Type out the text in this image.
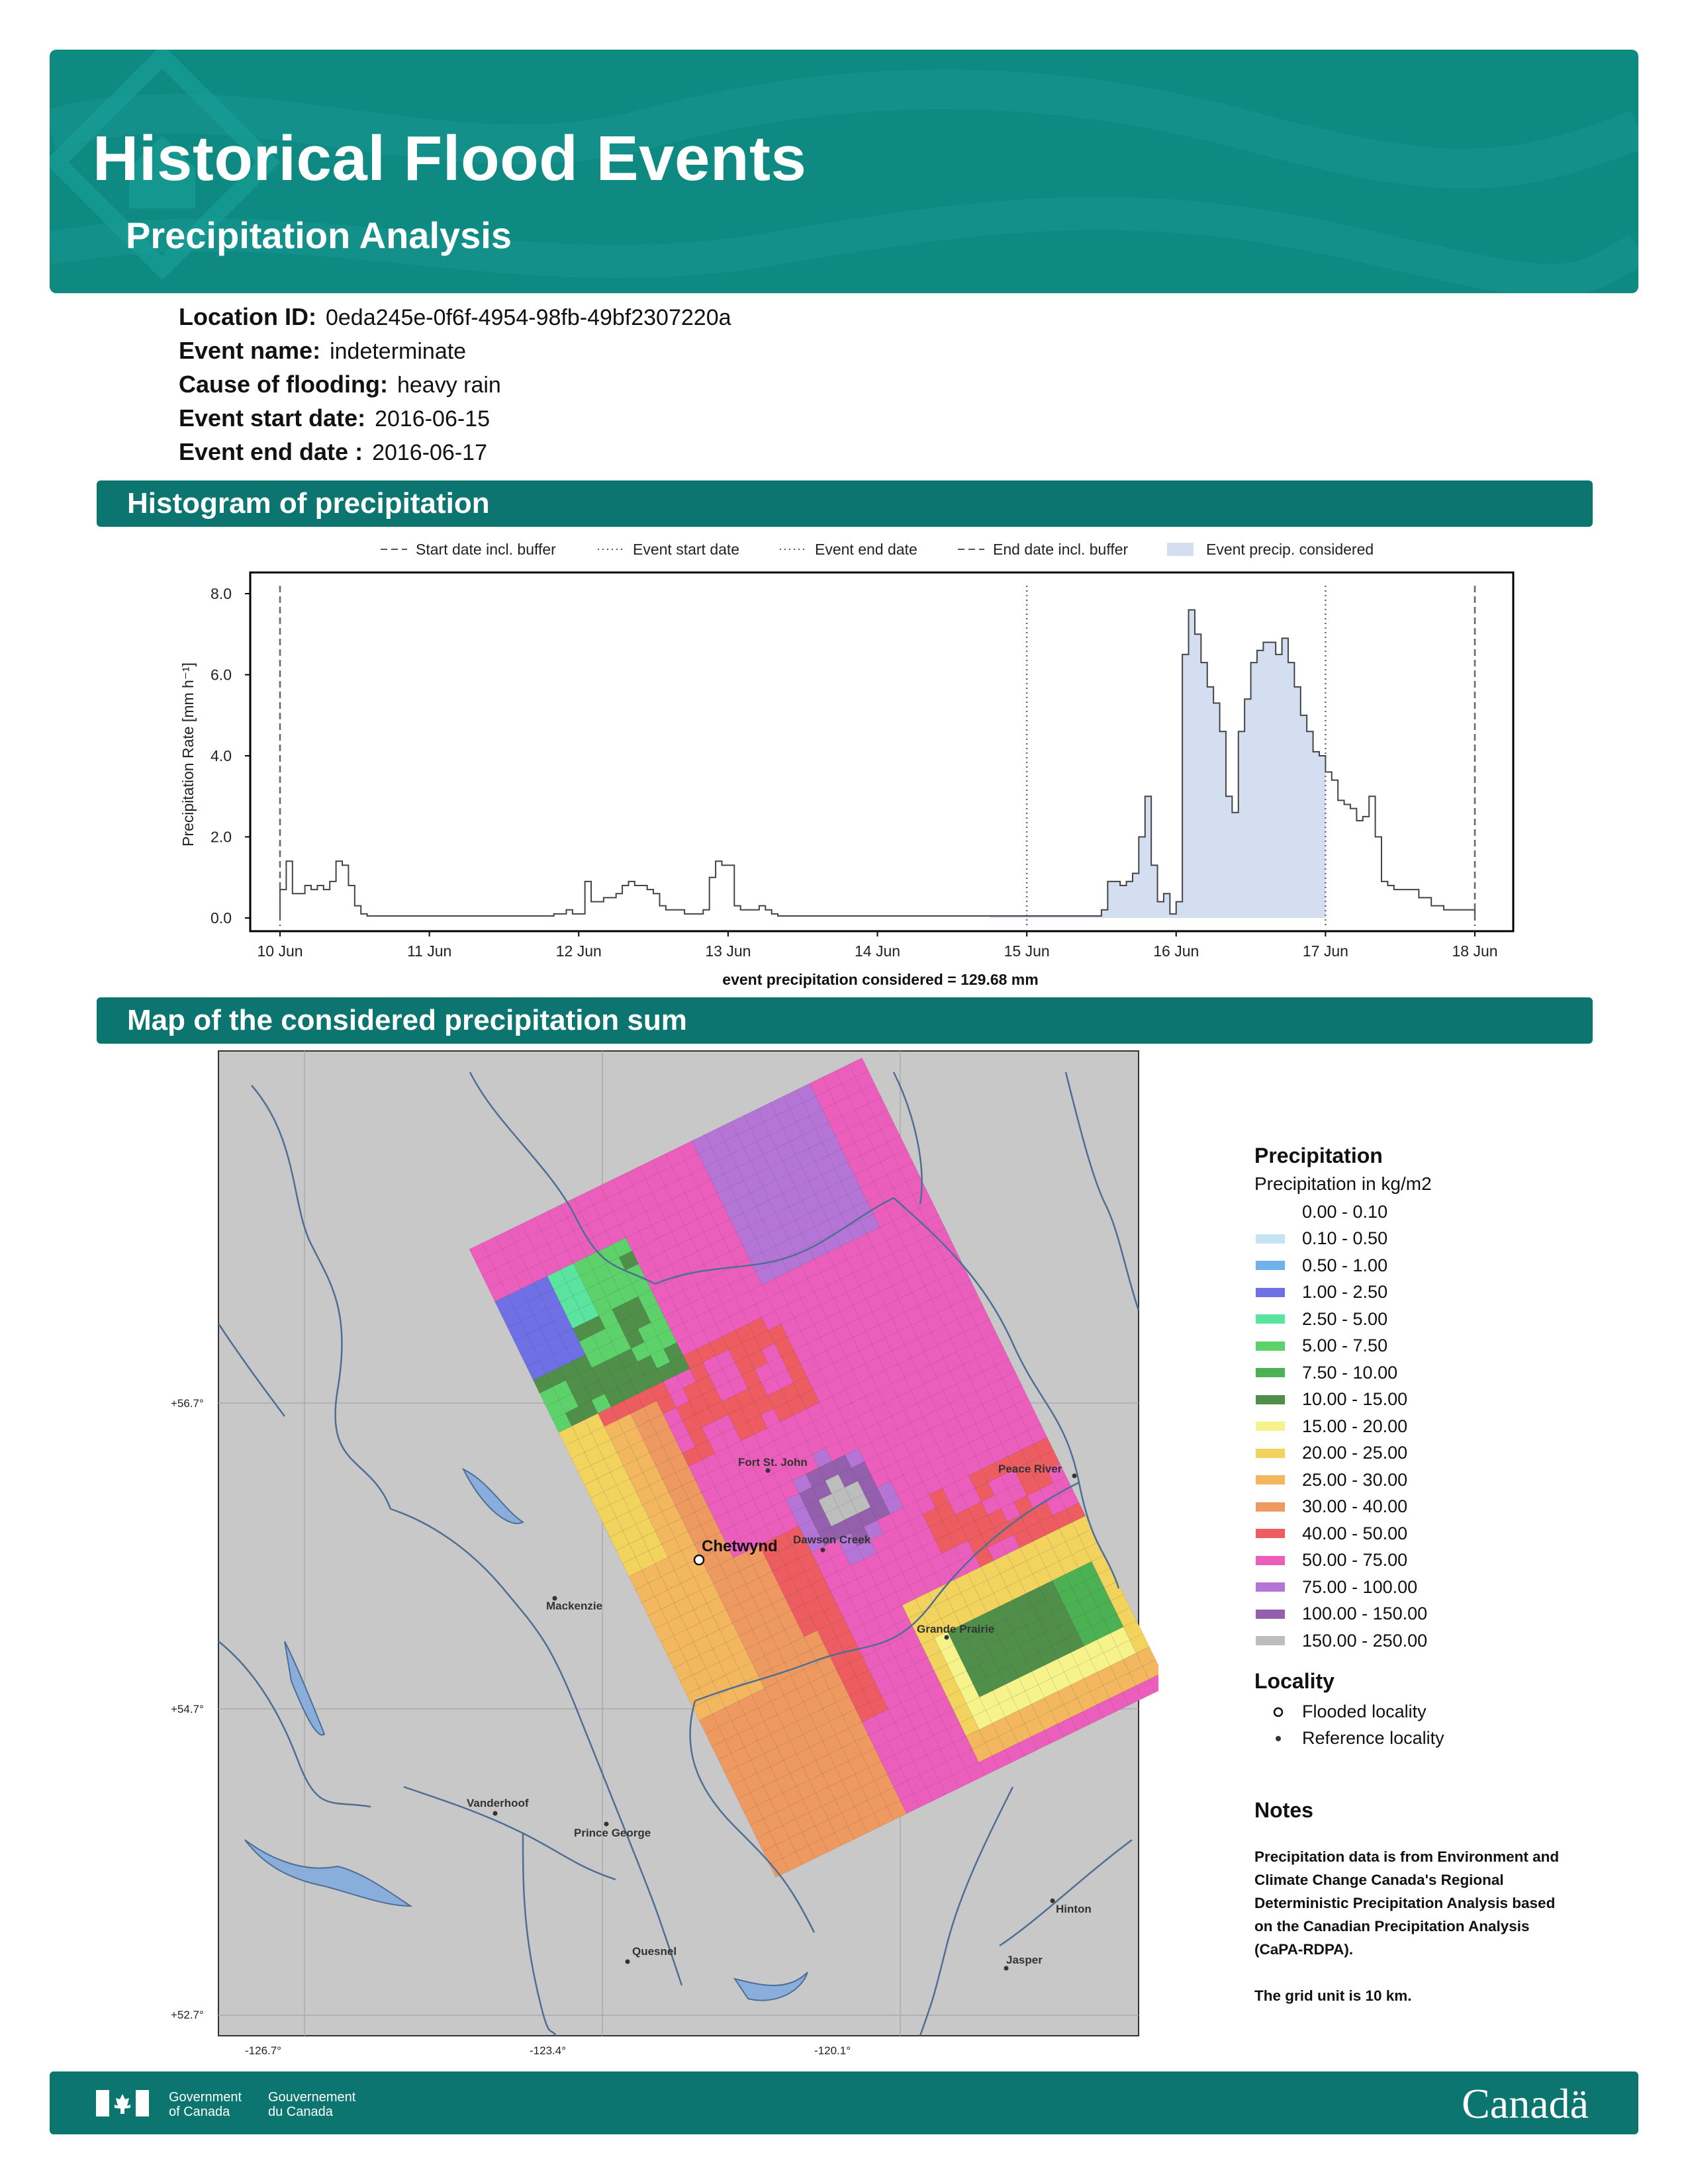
Historical Flood Events
Precipitation Analysis
Location ID: 0eda245e-0f6f-4954-98fb-49bf2307220a
Event name: indeterminate
Cause of flooding: heavy rain
Event start date: 2016-06-15
Event end date : 2016-06-17
Histogram of precipitation
Start date incl. buffer	Event start date	Event end date	End date incl. buffer	Event precip. considered
0.0
2.0
4.0
6.0
8.0
10 Jun	11 Jun	12 Jun	13 Jun	14 Jun	15 Jun	16 Jun	17 Jun	18 Jun
Precipitation Rate [mm h⁻¹]
event precipitation considered = 129.68 mm
Map of the considered precipitation sum
Fort St. John
Peace River
Chetwynd Dawson Creek
Mackenzie
Grande Prairie
Vanderhoof
Prince George
Hinton
Jasper
Quesnel
+56.7°
+54.7°
+52.7°
-126.7°	-123.4°	-120.1°
Precipitation
Precipitation in kg/m2
0.00 - 0.10
0.10 - 0.50
0.50 - 1.00
1.00 - 2.50
2.50 - 5.00
5.00 - 7.50
7.50 - 10.00
10.00 - 15.00
15.00 - 20.00
20.00 - 25.00
25.00 - 30.00
30.00 - 40.00
40.00 - 50.00
50.00 - 75.00
75.00 - 100.00
100.00 - 150.00
150.00 - 250.00
Locality
Flooded locality
Reference locality
Notes
Precipitation data is from Environment and
Climate Change Canada's Regional
Deterministic Precipitation Analysis based
on the Canadian Precipitation Analysis
(CaPA-RDPA).
The grid unit is 10 km.
Government
of Canada
Gouvernement
du Canada	Canadä
